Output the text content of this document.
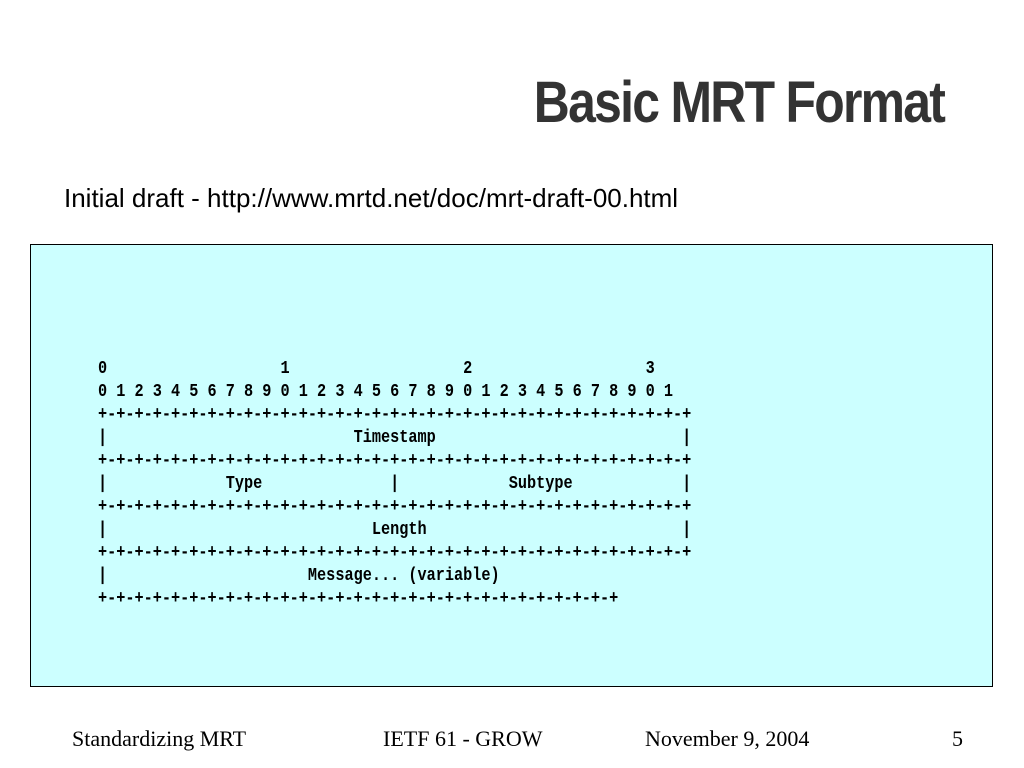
Basic MRT Format
Initial draft - http://www.mrtd.net/doc/mrt-draft-00.html
0                   1                   2                   3
0 1 2 3 4 5 6 7 8 9 0 1 2 3 4 5 6 7 8 9 0 1 2 3 4 5 6 7 8 9 0 1
+-+-+-+-+-+-+-+-+-+-+-+-+-+-+-+-+-+-+-+-+-+-+-+-+-+-+-+-+-+-+-+-+
|                           Timestamp                           |
+-+-+-+-+-+-+-+-+-+-+-+-+-+-+-+-+-+-+-+-+-+-+-+-+-+-+-+-+-+-+-+-+
|             Type              |            Subtype            |
+-+-+-+-+-+-+-+-+-+-+-+-+-+-+-+-+-+-+-+-+-+-+-+-+-+-+-+-+-+-+-+-+
|                             Length                            |
+-+-+-+-+-+-+-+-+-+-+-+-+-+-+-+-+-+-+-+-+-+-+-+-+-+-+-+-+-+-+-+-+
|                      Message... (variable)
+-+-+-+-+-+-+-+-+-+-+-+-+-+-+-+-+-+-+-+-+-+-+-+-+-+-+-+-+
Standardizing MRT	IETF 61 - GROW	November 9, 2004	5
